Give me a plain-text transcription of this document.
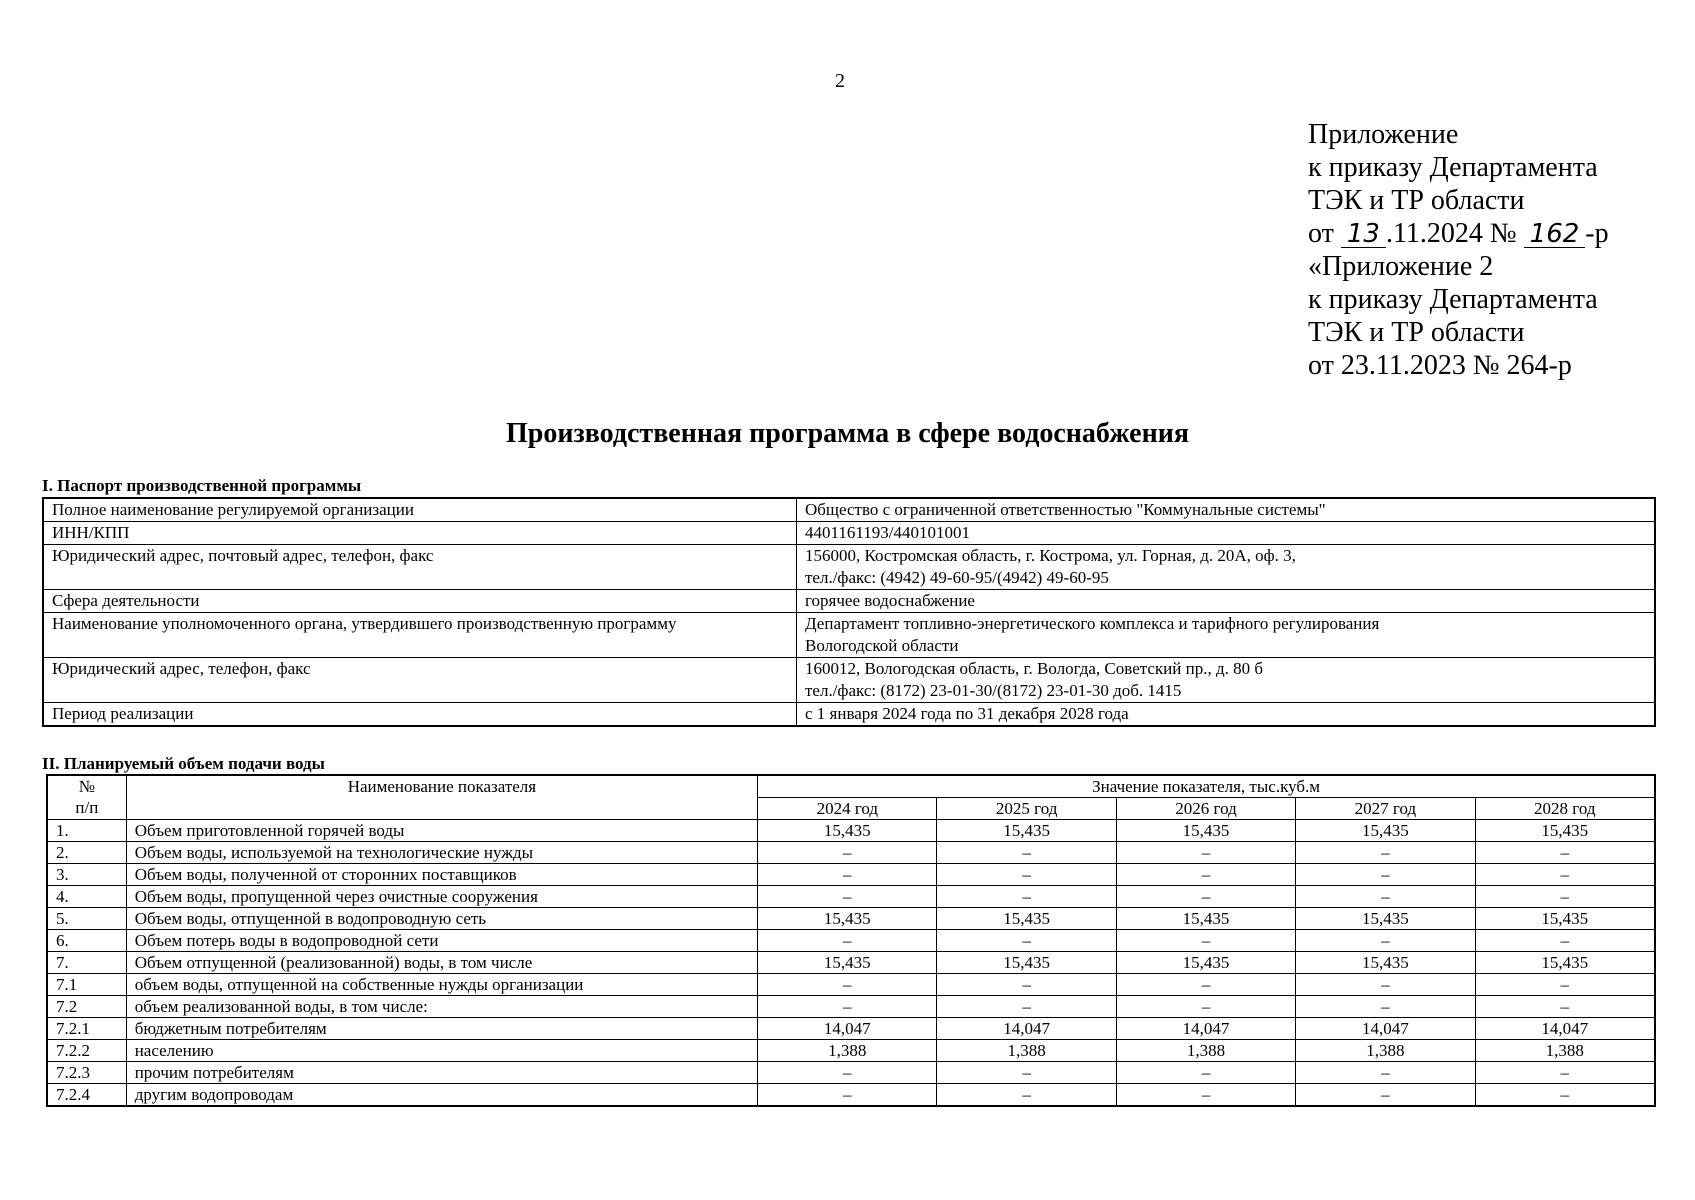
2
Приложение
к приказу Департамента
ТЭК и ТР области
от 13 .11.2024 № 162 -р
«Приложение 2
к приказу Департамента
ТЭК и ТР области
от 23.11.2023 № 264-р
Производственная программа в сфере водоснабжения
I. Паспорт производственной программы
Полное наименование регулируемой организации	Общество с ограниченной ответственностью "Коммунальные системы"

ИНН/КПП	4401161193/440101001

Юридический адрес, почтовый адрес, телефон, факс	156000, Костромская область, г. Кострома, ул. Горная, д. 20А, оф. 3,
тел./факс: (4942) 49-60-95/(4942) 49-60-95

Сфера деятельности	горячее водоснабжение

Наименование уполномоченного органа, утвердившего производственную программу	Департамент топливно-энергетического комплекса и тарифного регулирования
Вологодской области

Юридический адрес, телефон, факс	160012, Вологодская область, г. Вологда, Советский пр., д. 80 б
тел./факс: (8172) 23-01-30/(8172) 23-01-30 доб. 1415

Период реализации	с 1 января 2024 года по 31 декабря 2028 года
II. Планируемый объем подачи воды
№
п/п	Наименование показателя	Значение показателя, тыс.куб.м				
		2024 год	2025 год	2026 год	2027 год	2028 год
1.	Объем приготовленной горячей воды	15,435	15,435	15,435	15,435	15,435
2.	Объем воды, используемой на технологические нужды	–	–	–	–	–
3.	Объем воды, полученной от сторонних поставщиков	–	–	–	–	–
4.	Объем воды, пропущенной через очистные сооружения	–	–	–	–	–
5.	Объем воды, отпущенной в водопроводную сеть	15,435	15,435	15,435	15,435	15,435
6.	Объем потерь воды в водопроводной сети	–	–	–	–	–
7.	Объем отпущенной (реализованной) воды, в том числе	15,435	15,435	15,435	15,435	15,435
7.1	объем воды, отпущенной на собственные нужды организации	–	–	–	–	–
7.2	объем реализованной воды, в том числе:	–	–	–	–	–
7.2.1	бюджетным потребителям	14,047	14,047	14,047	14,047	14,047
7.2.2	населению	1,388	1,388	1,388	1,388	1,388
7.2.3	прочим потребителям	–	–	–	–	–
7.2.4	другим водопроводам	–	–	–	–	–
